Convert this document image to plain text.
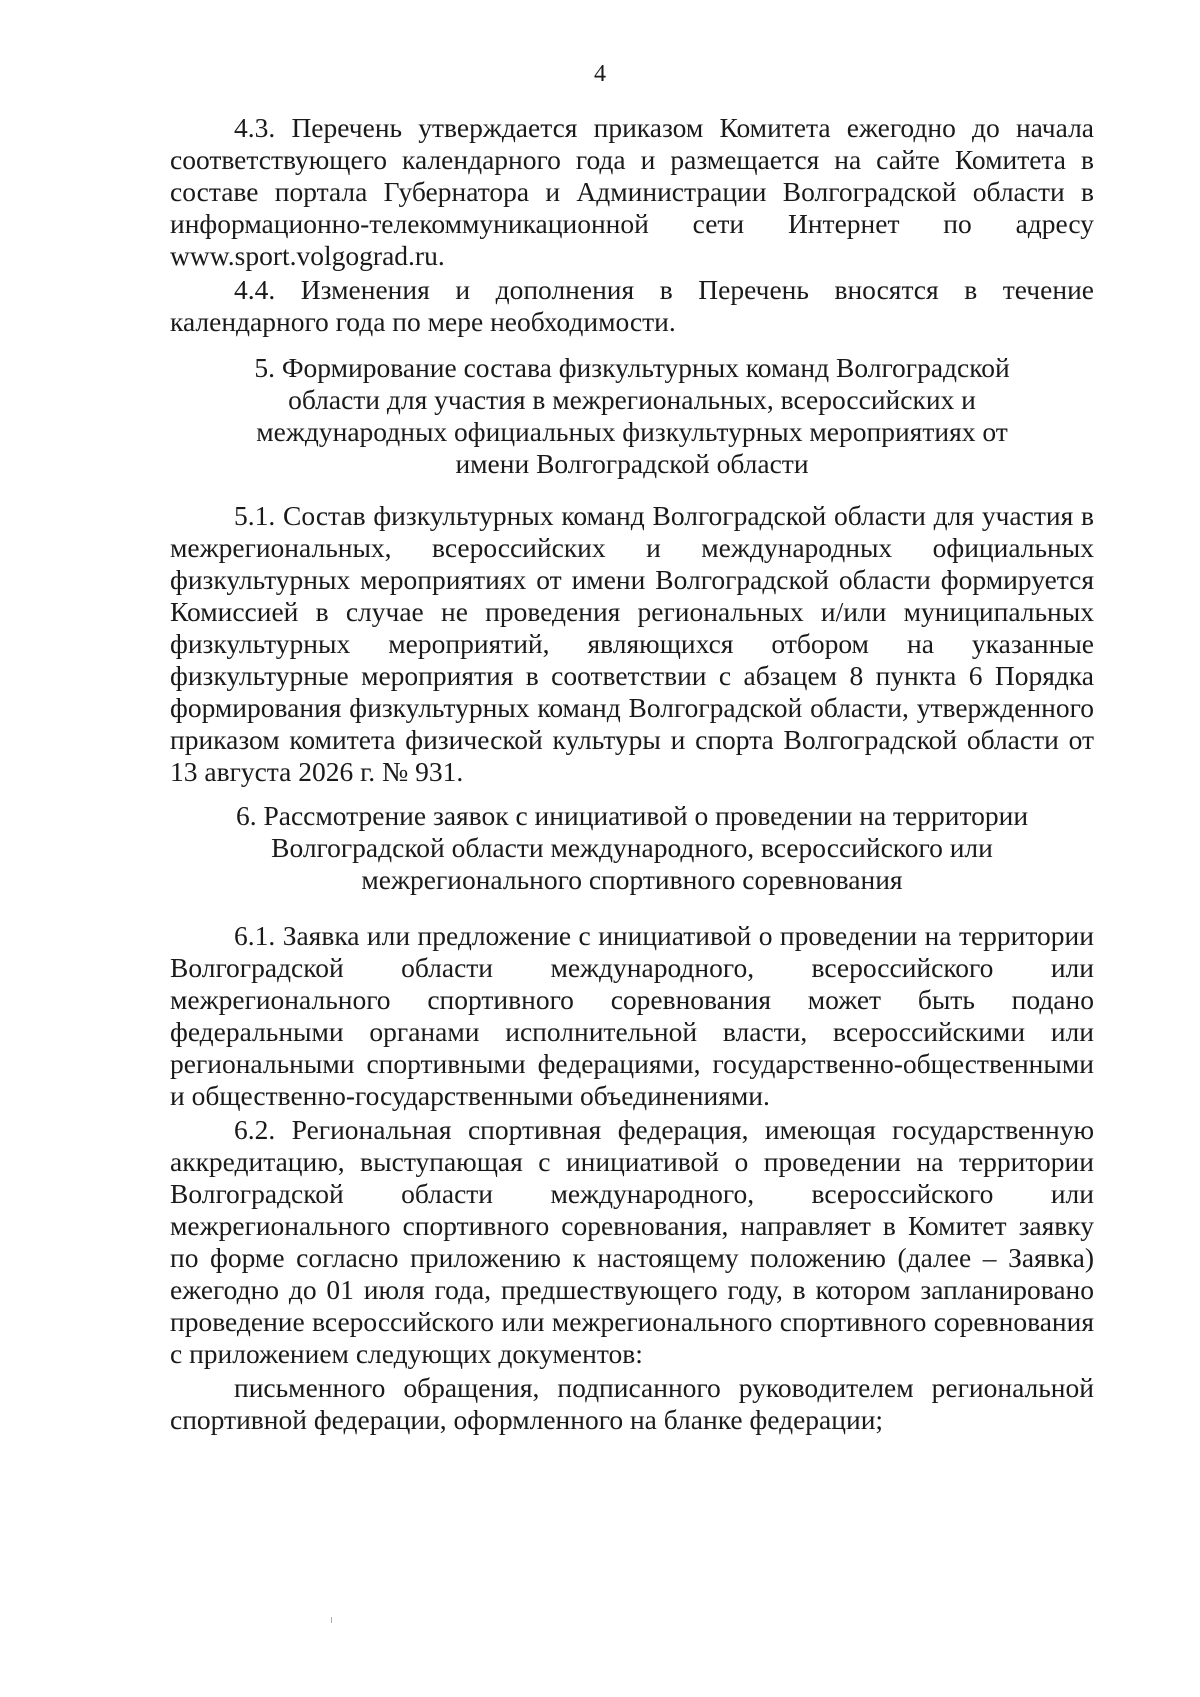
4

4.3. Перечень утверждается приказом Комитета ежегодно до начала соответствующего календарного года и размещается на сайте Комитета в составе портала Губернатора и Администрации Волгоградской области в информационно-телекоммуникационной сети Интернет по адресу www.sport.volgograd.ru.

4.4. Изменения и дополнения в Перечень вносятся в течение календарного года по мере необходимости.

5. Формирование состава физкультурных команд Волгоградской
области для участия в межрегиональных, всероссийских и
международных официальных физкультурных мероприятиях от
имени Волгоградской области

5.1. Состав физкультурных команд Волгоградской области для участия в межрегиональных, всероссийских и международных официальных физкультурных мероприятиях от имени Волгоградской области формируется Комиссией в случае не проведения региональных и/или муниципальных физкультурных мероприятий, являющихся отбором на указанные физкультурные мероприятия в соответствии с абзацем 8 пункта 6 Порядка формирования физкультурных команд Волгоградской области, утвержденного приказом комитета физической культуры и спорта Волгоградской области от 13 августа 2026 г. № 931.

6. Рассмотрение заявок с инициативой о проведении на территории
Волгоградской области международного, всероссийского или
межрегионального спортивного соревнования

6.1. Заявка или предложение с инициативой о проведении на территории Волгоградской области международного, всероссийского или межрегионального спортивного соревнования может быть подано федеральными органами исполнительной власти, всероссийскими или региональными спортивными федерациями, государственно-общественными и общественно-государственными объединениями.

6.2. Региональная спортивная федерация, имеющая государственную аккредитацию, выступающая с инициативой о проведении на территории Волгоградской области международного, всероссийского или межрегионального спортивного соревнования, направляет в Комитет заявку по форме согласно приложению к настоящему положению (далее – Заявка) ежегодно до 01 июля года, предшествующего году, в котором запланировано проведение всероссийского или межрегионального спортивного соревнования с приложением следующих документов:

письменного обращения, подписанного руководителем региональной спортивной федерации, оформленного на бланке федерации;
